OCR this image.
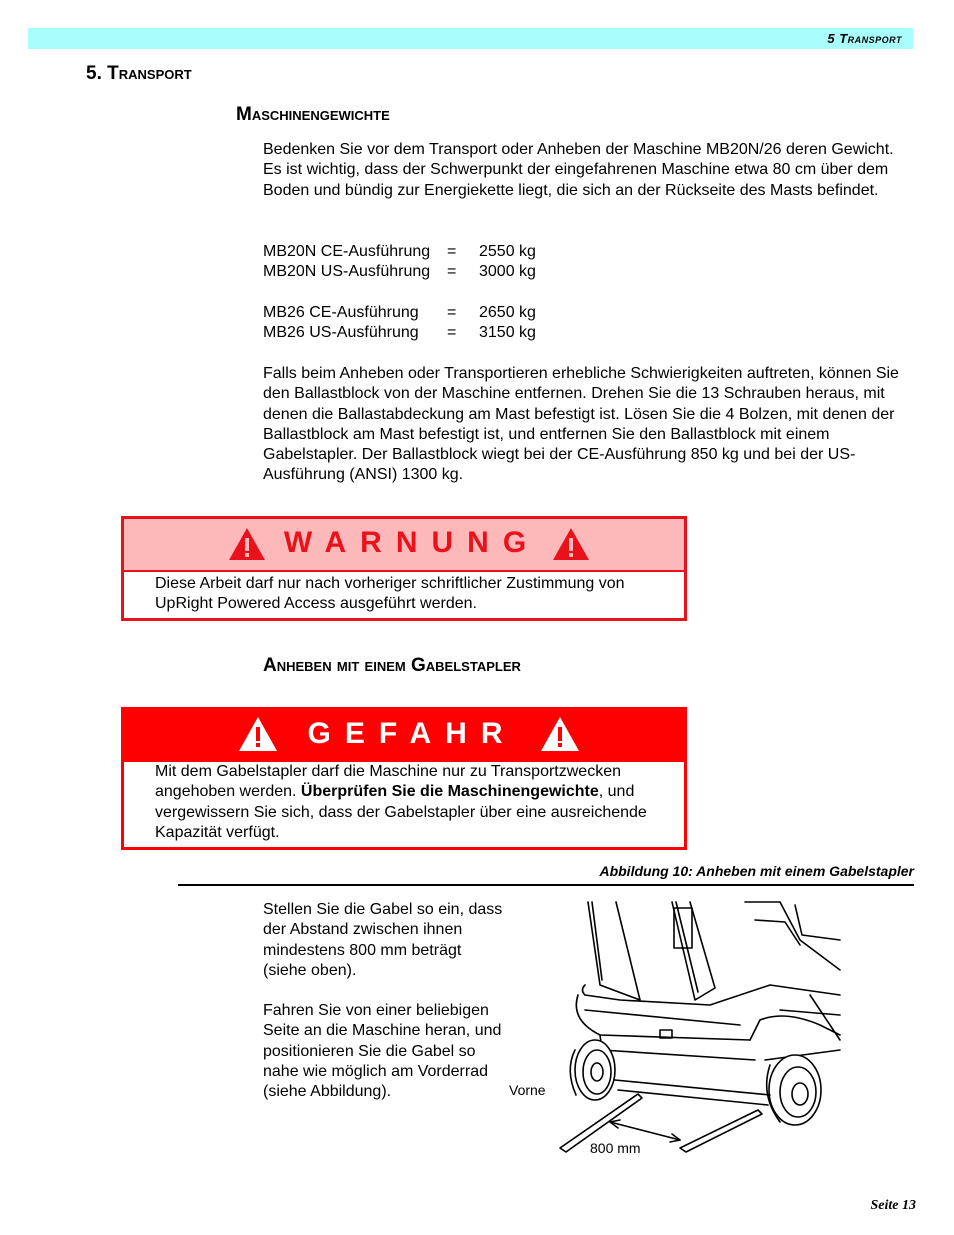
5 Transport
5. Transport
Maschinengewichte
Bedenken Sie vor dem Transport oder Anheben der Maschine MB20N/26 deren Gewicht. Es ist wichtig, dass der Schwerpunkt der eingefahrenen Maschine etwa 80 cm über dem Boden und bündig zur Energiekette liegt, die sich an der Rückseite des Masts befindet.
MB20N CE-Ausführung = 2550 kg
MB20N US-Ausführung = 3000 kg
MB26 CE-Ausführung = 2650 kg
MB26 US-Ausführung = 3150 kg
Falls beim Anheben oder Transportieren erhebliche Schwierigkeiten auftreten, können Sie den Ballastblock von der Maschine entfernen. Drehen Sie die 13 Schrauben heraus, mit denen die Ballastabdeckung am Mast befestigt ist. Lösen Sie die 4 Bolzen, mit denen der Ballastblock am Mast befestigt ist, und entfernen Sie den Ballastblock mit einem Gabelstapler. Der Ballastblock wiegt bei der CE-Ausführung 850 kg und bei der US-Ausführung (ANSI) 1300 kg.
WARNUNG
Diese Arbeit darf nur nach vorheriger schriftlicher Zustimmung von UpRight Powered Access ausgeführt werden.
Anheben mit einem Gabelstapler
GEFAHR
Mit dem Gabelstapler darf die Maschine nur zu Transportzwecken angehoben werden. Überprüfen Sie die Maschinengewichte, und vergewissern Sie sich, dass der Gabelstapler über eine ausreichende Kapazität verfügt.
Abbildung 10: Anheben mit einem Gabelstapler
Stellen Sie die Gabel so ein, dass der Abstand zwischen ihnen mindestens 800 mm beträgt (siehe oben).
Fahren Sie von einer beliebigen Seite an die Maschine heran, und positionieren Sie die Gabel so nahe wie möglich am Vorderrad (siehe Abbildung).	Vorne
800 mm
Seite 13
